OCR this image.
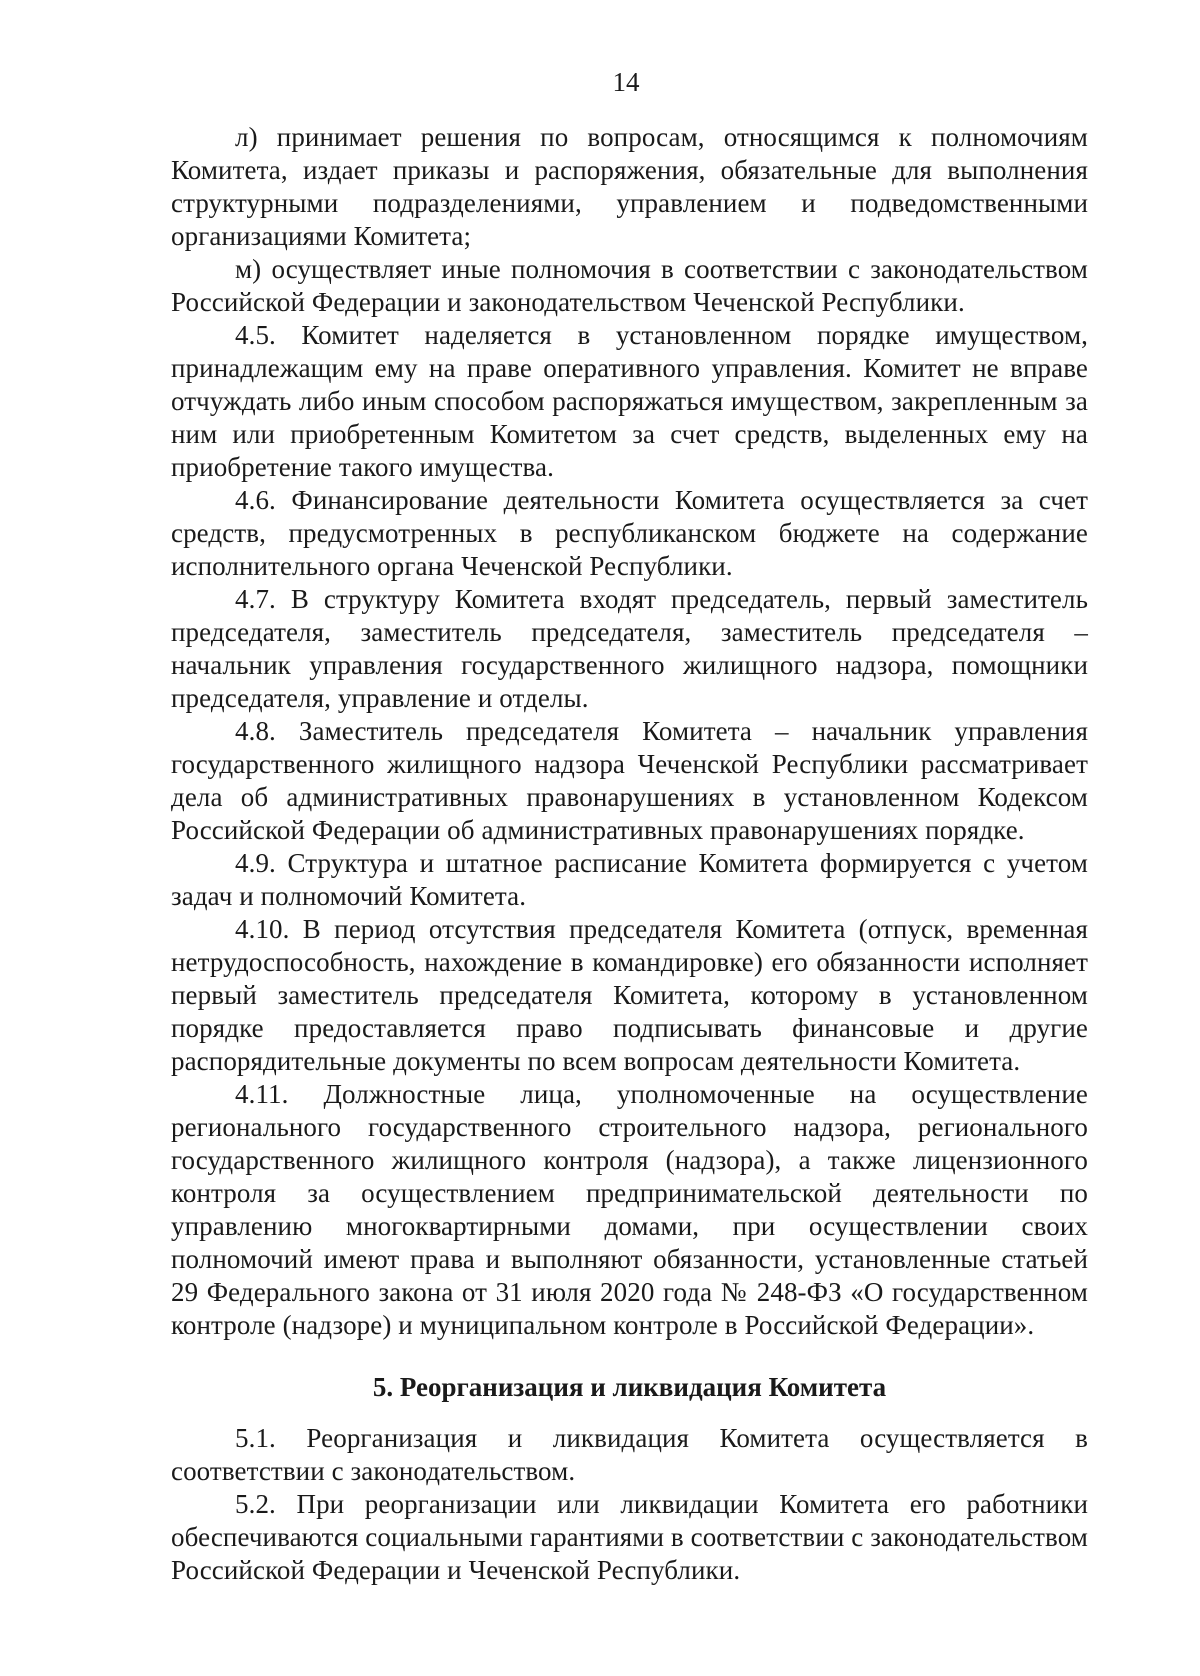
14

л) принимает решения по вопросам, относящимся к полномочиям Комитета, издает приказы и распоряжения, обязательные для выполнения структурными подразделениями, управлением и подведомственными организациями Комитета;

м) осуществляет иные полномочия в соответствии с законодательством Российской Федерации и законодательством Чеченской Республики.

4.5. Комитет наделяется в установленном порядке имуществом, принадлежащим ему на праве оперативного управления. Комитет не вправе отчуждать либо иным способом распоряжаться имуществом, закрепленным за ним или приобретенным Комитетом за счет средств, выделенных ему на приобретение такого имущества.

4.6. Финансирование деятельности Комитета осуществляется за счет средств, предусмотренных в республиканском бюджете на содержание исполнительного органа Чеченской Республики.

4.7. В структуру Комитета входят председатель, первый заместитель председателя, заместитель председателя, заместитель председателя – начальник управления государственного жилищного надзора, помощники председателя, управление и отделы.

4.8. Заместитель председателя Комитета – начальник управления государственного жилищного надзора Чеченской Республики рассматривает дела об административных правонарушениях в установленном Кодексом Российской Федерации об административных правонарушениях порядке.

4.9. Структура и штатное расписание Комитета формируется с учетом задач и полномочий Комитета.

4.10. В период отсутствия председателя Комитета (отпуск, временная нетрудоспособность, нахождение в командировке) его обязанности исполняет первый заместитель председателя Комитета, которому в установленном порядке предоставляется право подписывать финансовые и другие распорядительные документы по всем вопросам деятельности Комитета.

4.11. Должностные лица, уполномоченные на осуществление регионального государственного строительного надзора, регионального государственного жилищного контроля (надзора), а также лицензионного контроля за осуществлением предпринимательской деятельности по управлению многоквартирными домами, при осуществлении своих полномочий имеют права и выполняют обязанности, установленные статьей 29 Федерального закона от 31 июля 2020 года № 248-ФЗ «О государственном контроле (надзоре) и муниципальном контроле в Российской Федерации».

5. Реорганизация и ликвидация Комитета

5.1. Реорганизация и ликвидация Комитета осуществляется в соответствии с законодательством.

5.2. При реорганизации или ликвидации Комитета его работники обеспечиваются социальными гарантиями в соответствии с законодательством Российской Федерации и Чеченской Республики.
